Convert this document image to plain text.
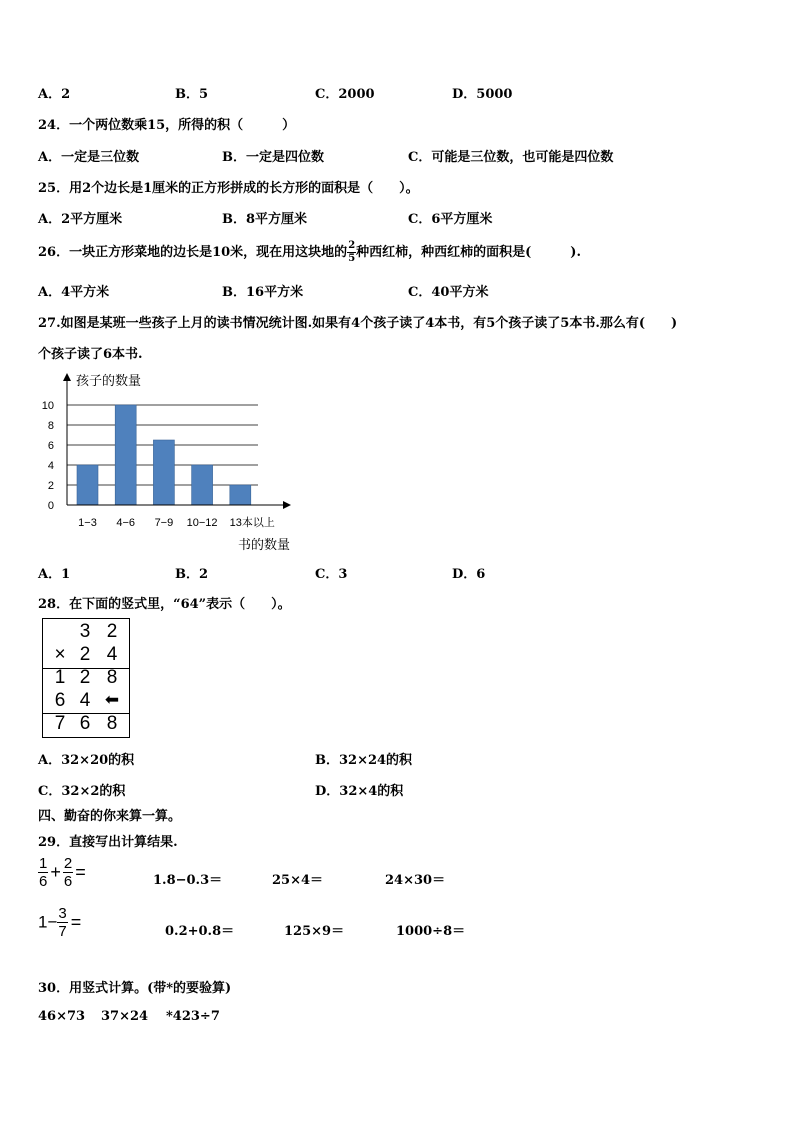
A．2	B．5	C．2000	D．5000
24．一个两位数乘15，所得的积（　　　）
A．一定是三位数	B．一定是四位数	C．可能是三位数，也可能是四位数
25．用2个边长是1厘米的正方形拼成的长方形的面积是（　　）。
A．2平方厘米	B．8平方厘米	C．6平方厘米
26．一块正方形菜地的边长是10米，现在用这块地的 $\frac{2}{5}$ 种西红柿，种西红柿的面积是(　　　).
A．4平方米	B．16平方米	C．40平方米
27.如图是某班一些孩子上月的读书情况统计图.如果有4个孩子读了4本书，有5个孩子读了5本书.那么有(　　)
个孩子读了6本书.
孩子的数量
书的数量
0
2
4
6
8
10
1−3 4−6 7−9 10−12 13本以上
A．1	B．2	C．3	D．6
28．在下面的竖式里，“64”表示（　　）。
3 2
× 2 4
1 2 8
6 4 ⬅
7 6 8
A．32×20的积	B．32×24的积
C．32×2的积	D．32×4的积
四、勤奋的你来算一算。
29．直接写出计算结果.
$\frac{1}{6} + \frac{2}{6}$ =	1.8−0.3＝	25×4＝	24×30＝
$1- \frac{3}{7}$ =	0.2+0.8＝	125×9＝	1000÷8＝
30．用竖式计算。(带*的要验算)
46×73 37×24 *423÷7
